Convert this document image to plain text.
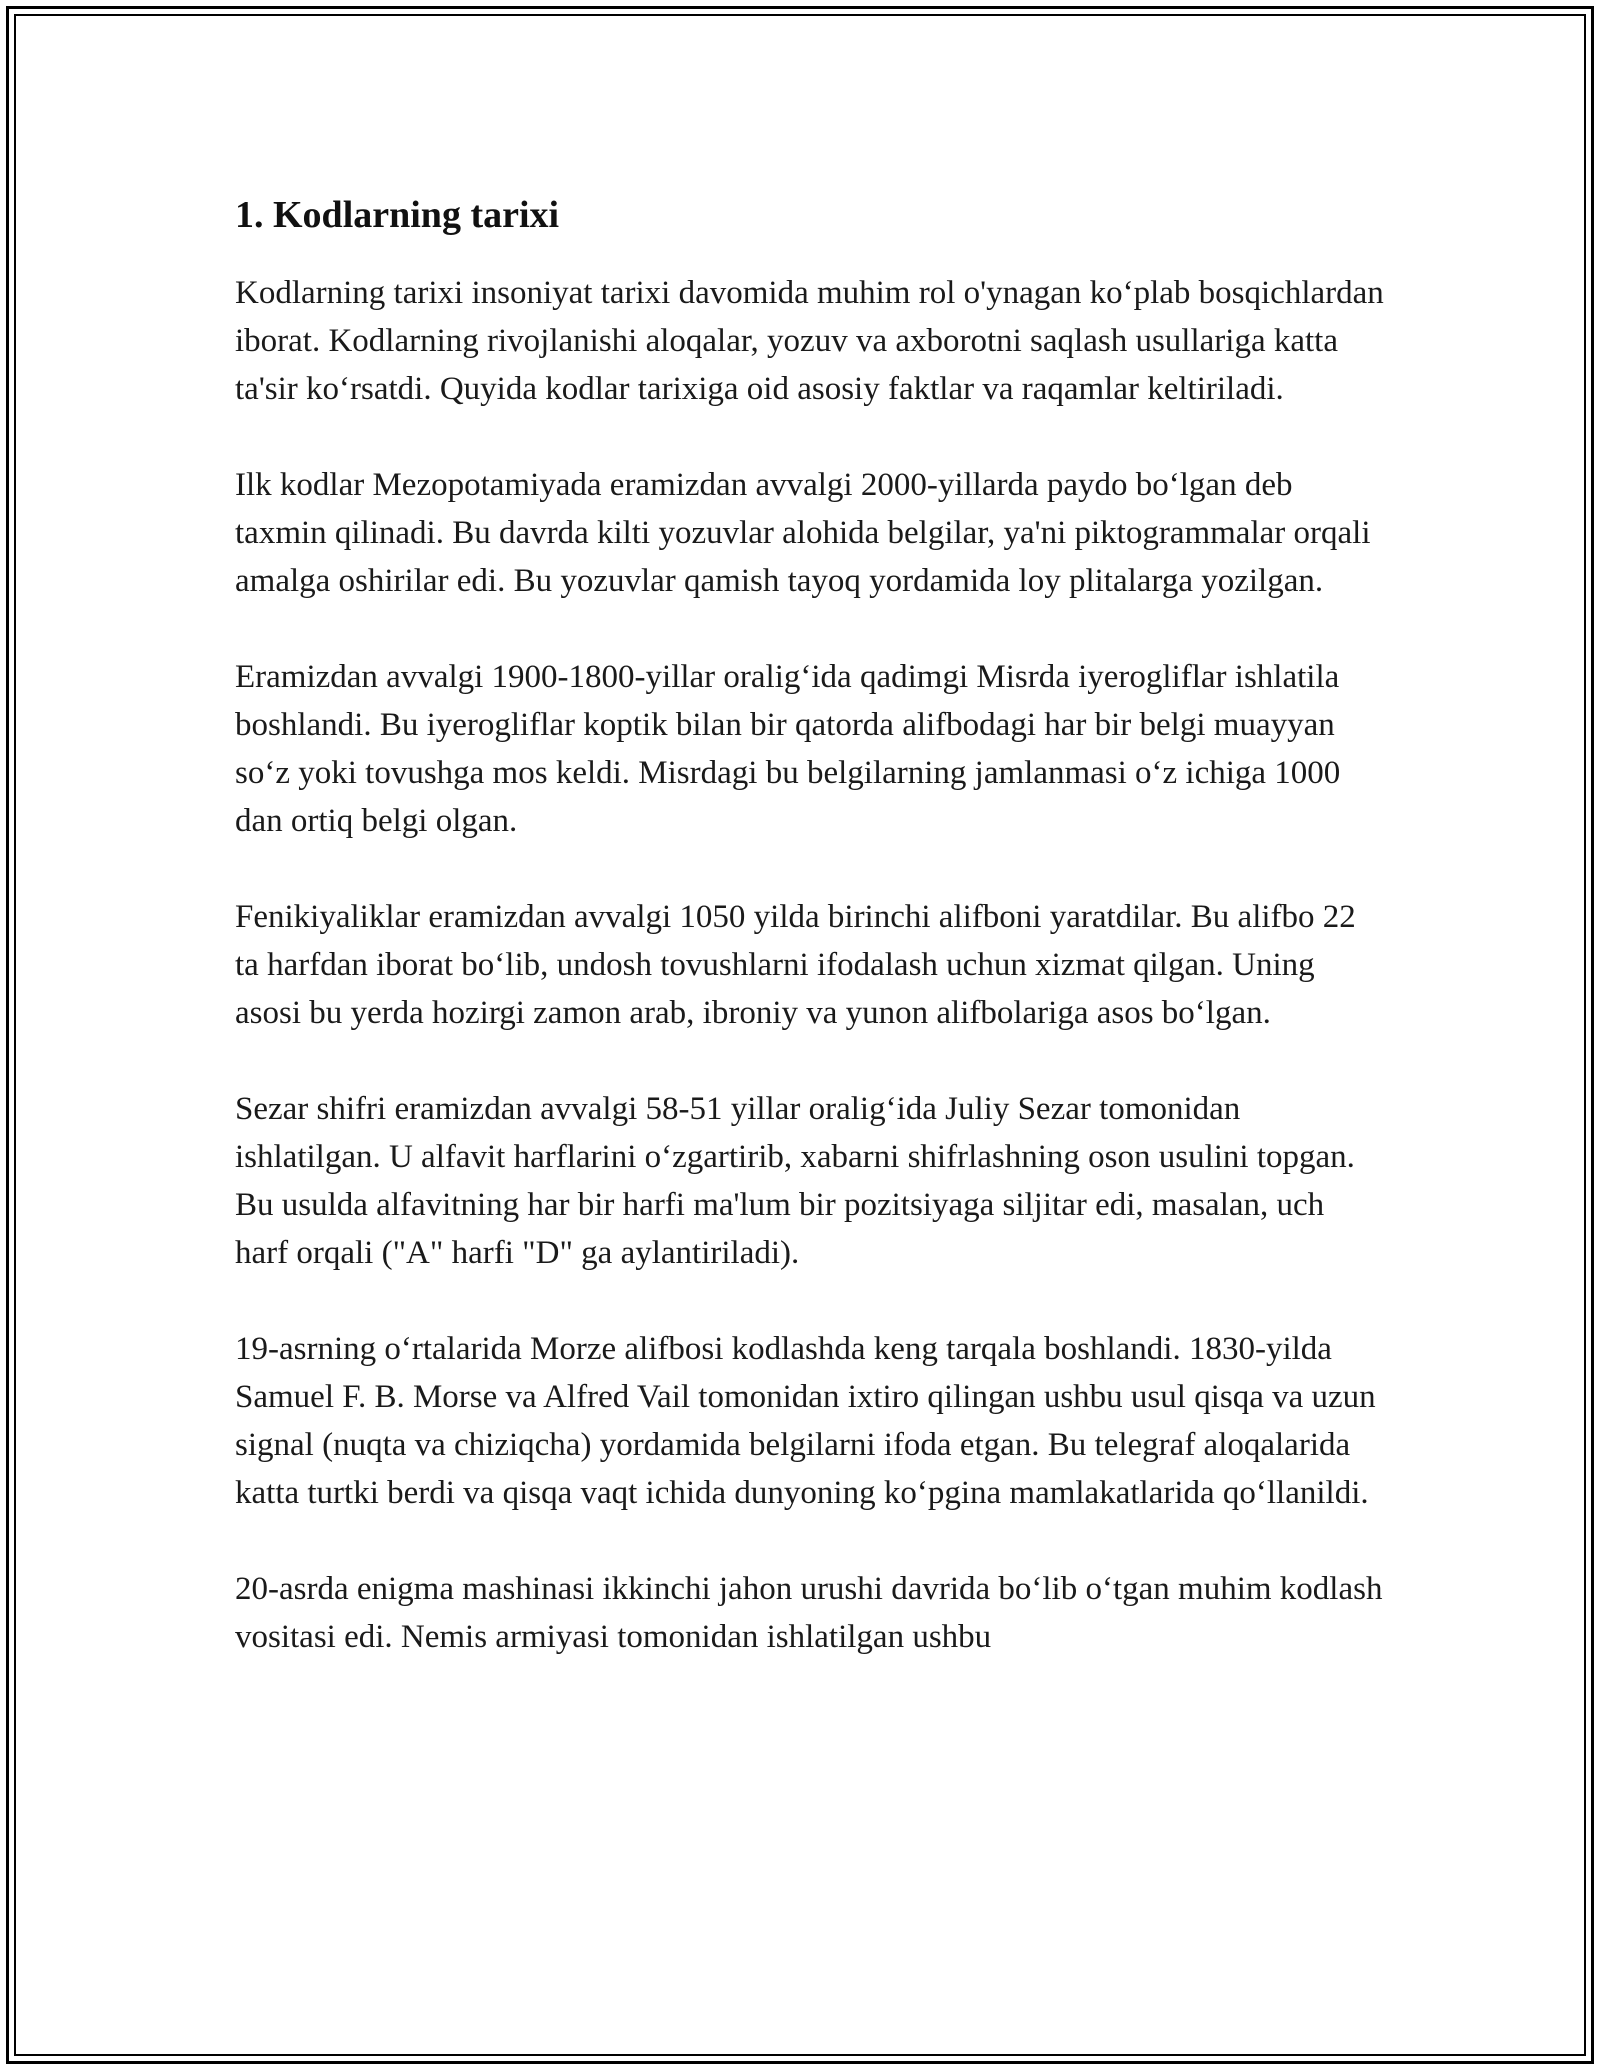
1. Kodlarning tarixi

Kodlarning tarixi insoniyat tarixi davomida muhim rol o'ynagan ko‘plab bosqichlardan iborat. Kodlarning rivojlanishi aloqalar, yozuv va axborotni saqlash usullariga katta ta'sir ko‘rsatdi. Quyida kodlar tarixiga oid asosiy faktlar va raqamlar keltiriladi.

Ilk kodlar Mezopotamiyada eramizdan avvalgi 2000-yillarda paydo bo‘lgan deb taxmin qilinadi. Bu davrda kilti yozuvlar alohida belgilar, ya'ni piktogrammalar orqali amalga oshirilar edi. Bu yozuvlar qamish tayoq yordamida loy plitalarga yozilgan.

Eramizdan avvalgi 1900-1800-yillar oralig‘ida qadimgi Misrda iyerogliflar ishlatila boshlandi. Bu iyerogliflar koptik bilan bir qatorda alifbodagi har bir belgi muayyan so‘z yoki tovushga mos keldi. Misrdagi bu belgilarning jamlanmasi o‘z ichiga 1000 dan ortiq belgi olgan.

Fenikiyaliklar eramizdan avvalgi 1050 yilda birinchi alifboni yaratdilar. Bu alifbo 22 ta harfdan iborat bo‘lib, undosh tovushlarni ifodalash uchun xizmat qilgan. Uning asosi bu yerda hozirgi zamon arab, ibroniy va yunon alifbolariga asos bo‘lgan.

Sezar shifri eramizdan avvalgi 58-51 yillar oralig‘ida Juliy Sezar tomonidan ishlatilgan. U alfavit harflarini o‘zgartirib, xabarni shifrlashning oson usulini topgan. Bu usulda alfavitning har bir harfi ma'lum bir pozitsiyaga siljitar edi, masalan, uch harf orqali ("A" harfi "D" ga aylantiriladi).

19-asrning o‘rtalarida Morze alifbosi kodlashda keng tarqala boshlandi. 1830-yilda Samuel F. B. Morse va Alfred Vail tomonidan ixtiro qilingan ushbu usul qisqa va uzun signal (nuqta va chiziqcha) yordamida belgilarni ifoda etgan. Bu telegraf aloqalarida katta turtki berdi va qisqa vaqt ichida dunyoning ko‘pgina mamlakatlarida qo‘llanildi.

20-asrda enigma mashinasi ikkinchi jahon urushi davrida bo‘lib o‘tgan muhim kodlash vositasi edi. Nemis armiyasi tomonidan ishlatilgan ushbu
